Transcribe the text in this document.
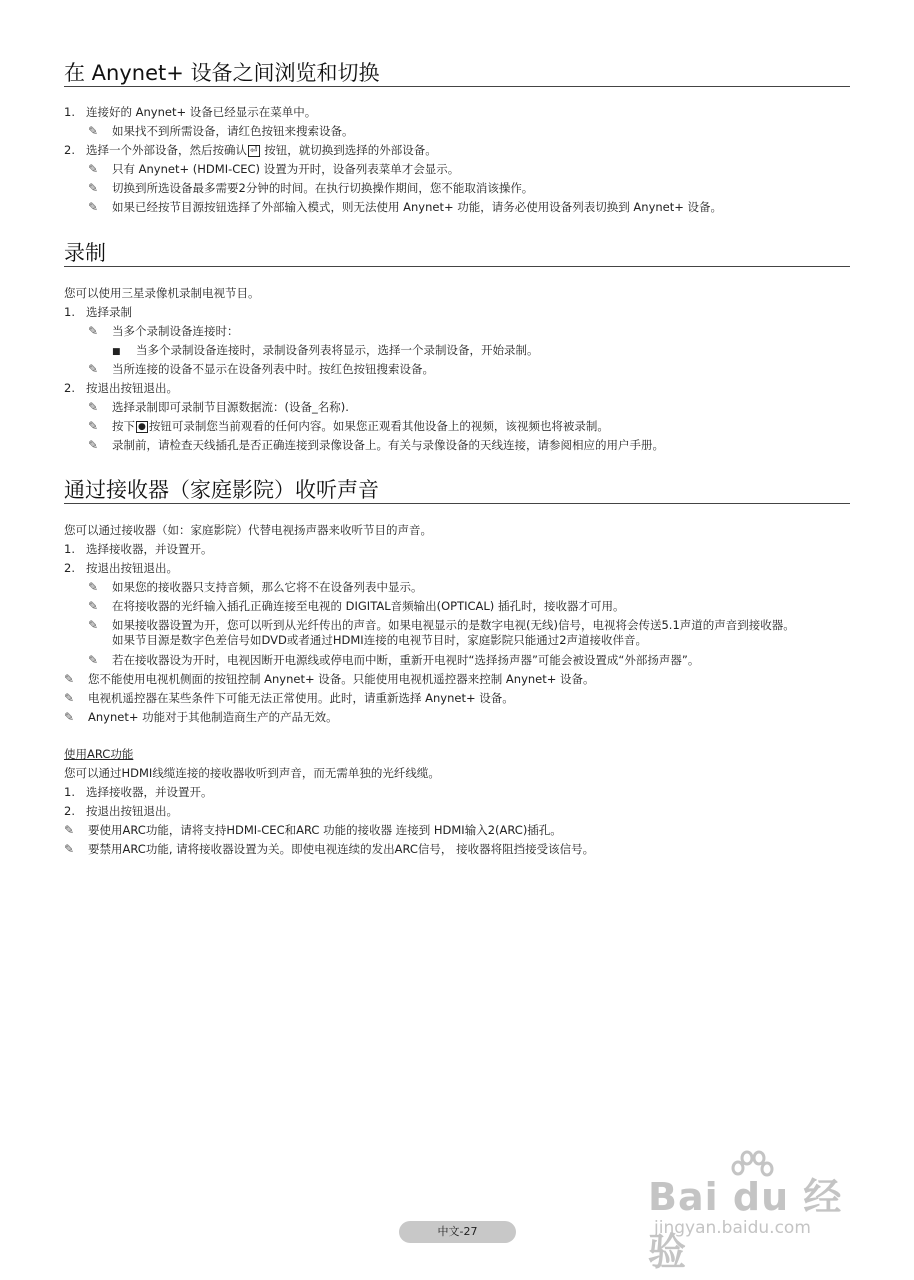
在 Anynet+ 设备之间浏览和切换
1. 连接好的 Anynet+ 设备已经显示在菜单中。
✎ 如果找不到所需设备，请红色按钮来搜索设备。
2. 选择一个外部设备，然后按确认 ⏎ 按钮，就切换到选择的外部设备。
✎ 只有 Anynet+ (HDMI-CEC) 设置为开时，设备列表菜单才会显示。
✎ 切换到所选设备最多需要2分钟的时间。在执行切换操作期间，您不能取消该操作。
✎ 如果已经按节目源按钮选择了外部输入模式，则无法使用 Anynet+ 功能，请务必使用设备列表切换到 Anynet+ 设备。
录制
您可以使用三星录像机录制电视节目。
1. 选择录制
✎ 当多个录制设备连接时：
■ 当多个录制设备连接时，录制设备列表将显示，选择一个录制设备，开始录制。
✎ 当所连接的设备不显示在设备列表中时。按红色按钮搜索设备。
2. 按退出按钮退出。
✎ 选择录制即可录制节目源数据流：(设备_名称).
✎ 按下 ● 按钮可录制您当前观看的任何内容。如果您正观看其他设备上的视频，该视频也将被录制。
✎ 录制前，请检查天线插孔是否正确连接到录像设备上。有关与录像设备的天线连接，请参阅相应的用户手册。
通过接收器（家庭影院）收听声音
您可以通过接收器（如：家庭影院）代替电视扬声器来收听节目的声音。
1. 选择接收器，并设置开。
2. 按退出按钮退出。
✎ 如果您的接收器只支持音频，那么它将不在设备列表中显示。
✎ 在将接收器的光纤输入插孔正确连接至电视的 DIGITAL音频输出(OPTICAL) 插孔时，接收器才可用。
✎ 如果接收器设置为开，您可以听到从光纤传出的声音。如果电视显示的是数字电视(无线)信号，电视将会传送5.1声道的声音到接收器。
如果节目源是数字色差信号如DVD或者通过HDMI连接的电视节目时，家庭影院只能通过2声道接收伴音。
✎ 若在接收器设为开时，电视因断开电源线或停电而中断，重新开电视时“选择扬声器”可能会被设置成“外部扬声器”。
✎ 您不能使用电视机侧面的按钮控制 Anynet+ 设备。只能使用电视机遥控器来控制 Anynet+ 设备。
✎ 电视机遥控器在某些条件下可能无法正常使用。此时，请重新选择 Anynet+ 设备。
✎ Anynet+ 功能对于其他制造商生产的产品无效。
使用ARC功能
您可以通过HDMI线缆连接的接收器收听到声音，而无需单独的光纤线缆。
1. 选择接收器，并设置开。
2. 按退出按钮退出。
✎ 要使用ARC功能，请将支持HDMI-CEC和ARC 功能的接收器 连接到 HDMI输入2(ARC)插孔。
✎ 要禁用ARC功能, 请将接收器设置为关。即使电视连续的发出ARC信号， 接收器将阻挡接受该信号。
Bai du 经验
jingyan.baidu.com
中文-27
